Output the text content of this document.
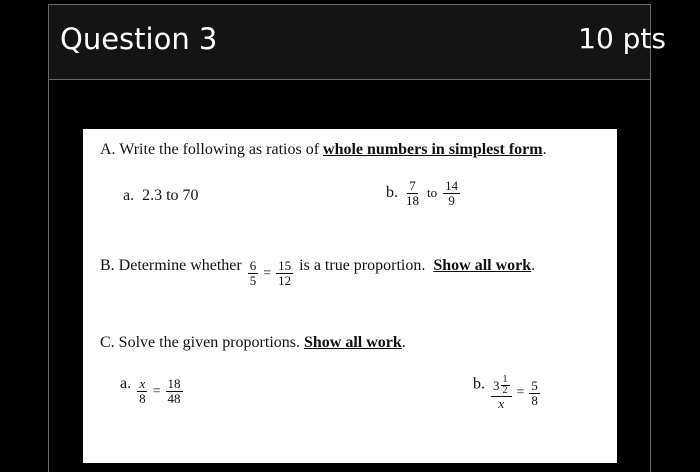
Question 3	10 pts
A. Write the following as ratios of whole numbers in simplest form.
a. 2.3 to 70	b. $\frac{7}{18}$ to $\frac{14}{9}$
B. Determine whether $\frac{6}{5} = \frac{15}{12}$ is a true proportion. Show all work.
C. Solve the given proportions. Show all work.
a. $\frac{x}{8} = \frac{18}{48}$	b. $\frac{3 \frac{1}{2}}{x} = \frac{5}{8}$
